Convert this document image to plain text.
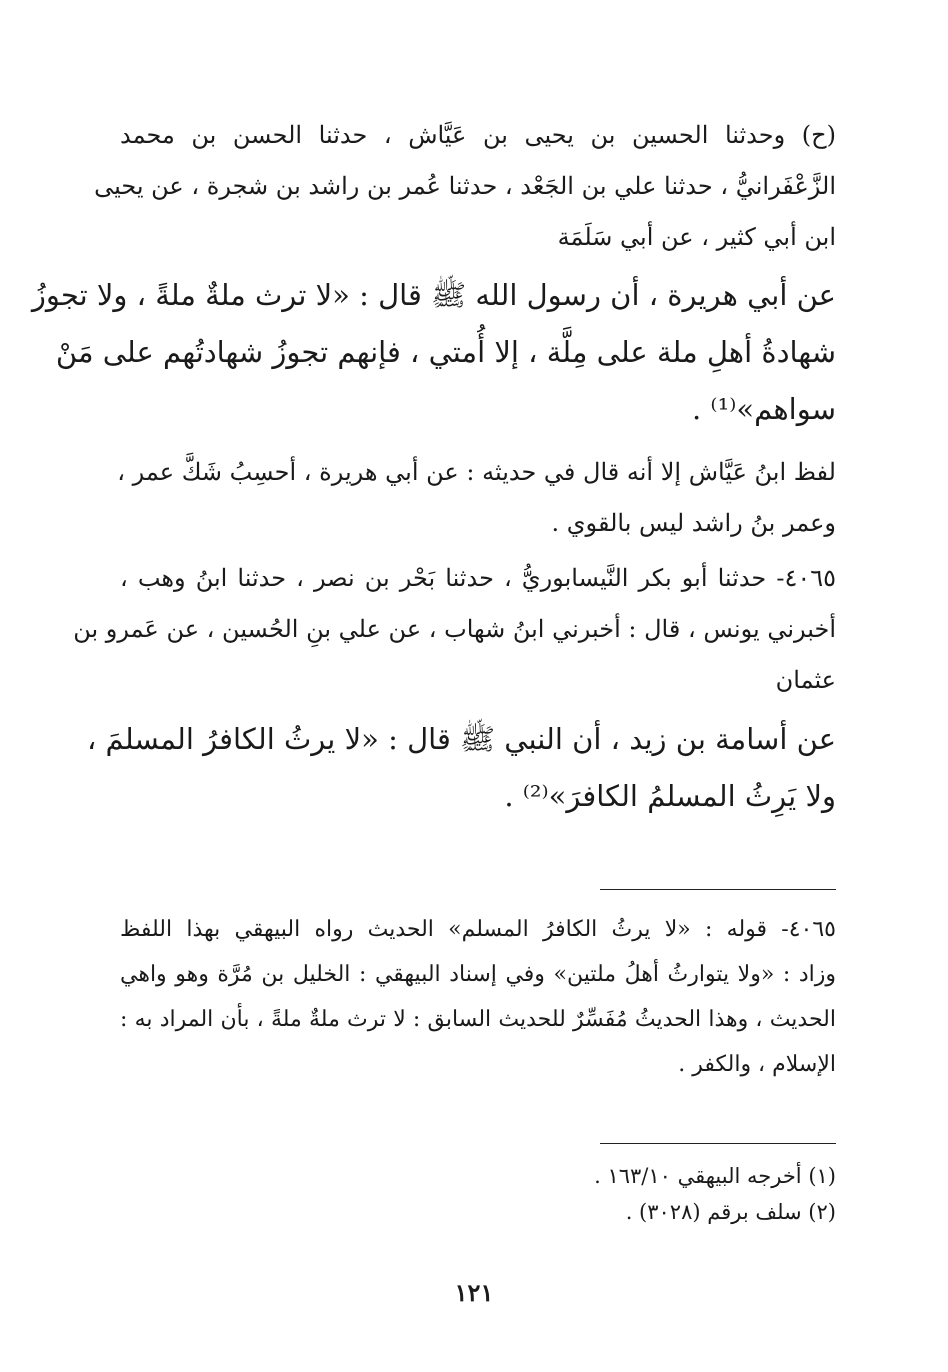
(ح) وحدثنا الحسين بن يحيى بن عَيَّاش ، حدثنا الحسن بن محمد
الزَّعْفَرانيُّ ، حدثنا علي بن الجَعْد ، حدثنا عُمر بن راشد بن شجرة ، عن يحيى
ابن أبي كثير ، عن أبي سَلَمَة
عن أبي هريرة ، أن رسول الله ﷺ قال : «لا ترث ملةٌ ملةً ، ولا تجوزُ
شهادةُ أهلِ ملة على مِلَّة ، إلا أُمتي ، فإنهم تجوزُ شهادتُهم على مَنْ
سواهم»⁽¹⁾ .
لفظ ابنُ عَيَّاش إلا أنه قال في حديثه : عن أبي هريرة ، أحسِبُ شَكَّ عمر ،
وعمر بنُ راشد ليس بالقوي .
٤٠٦٥- حدثنا أبو بكر النَّيسابوريُّ ، حدثنا بَحْر بن نصر ، حدثنا ابنُ وهب ،
أخبرني يونس ، قال : أخبرني ابنُ شهاب ، عن علي بنِ الحُسين ، عن عَمرو بن
عثمان
عن أسامة بن زيد ، أن النبي ﷺ قال : «لا يرثُ الكافرُ المسلمَ ،
ولا يَرِثُ المسلمُ الكافرَ»⁽²⁾ .
٤٠٦٥- قوله : «لا يرثُ الكافرُ المسلم» الحديث رواه البيهقي بهذا اللفظ
وزاد : «ولا يتوارثُ أهلُ ملتين» وفي إسناد البيهقي : الخليل بن مُرَّة وهو واهي
الحديث ، وهذا الحديثُ مُفَسِّرٌ للحديث السابق : لا ترث ملةٌ ملةً ، بأن المراد به :
الإسلام ، والكفر .
(١) أخرجه البيهقي ١٦٣/١٠ .
(٢) سلف برقم (٣٠٢٨) .
١٢١
